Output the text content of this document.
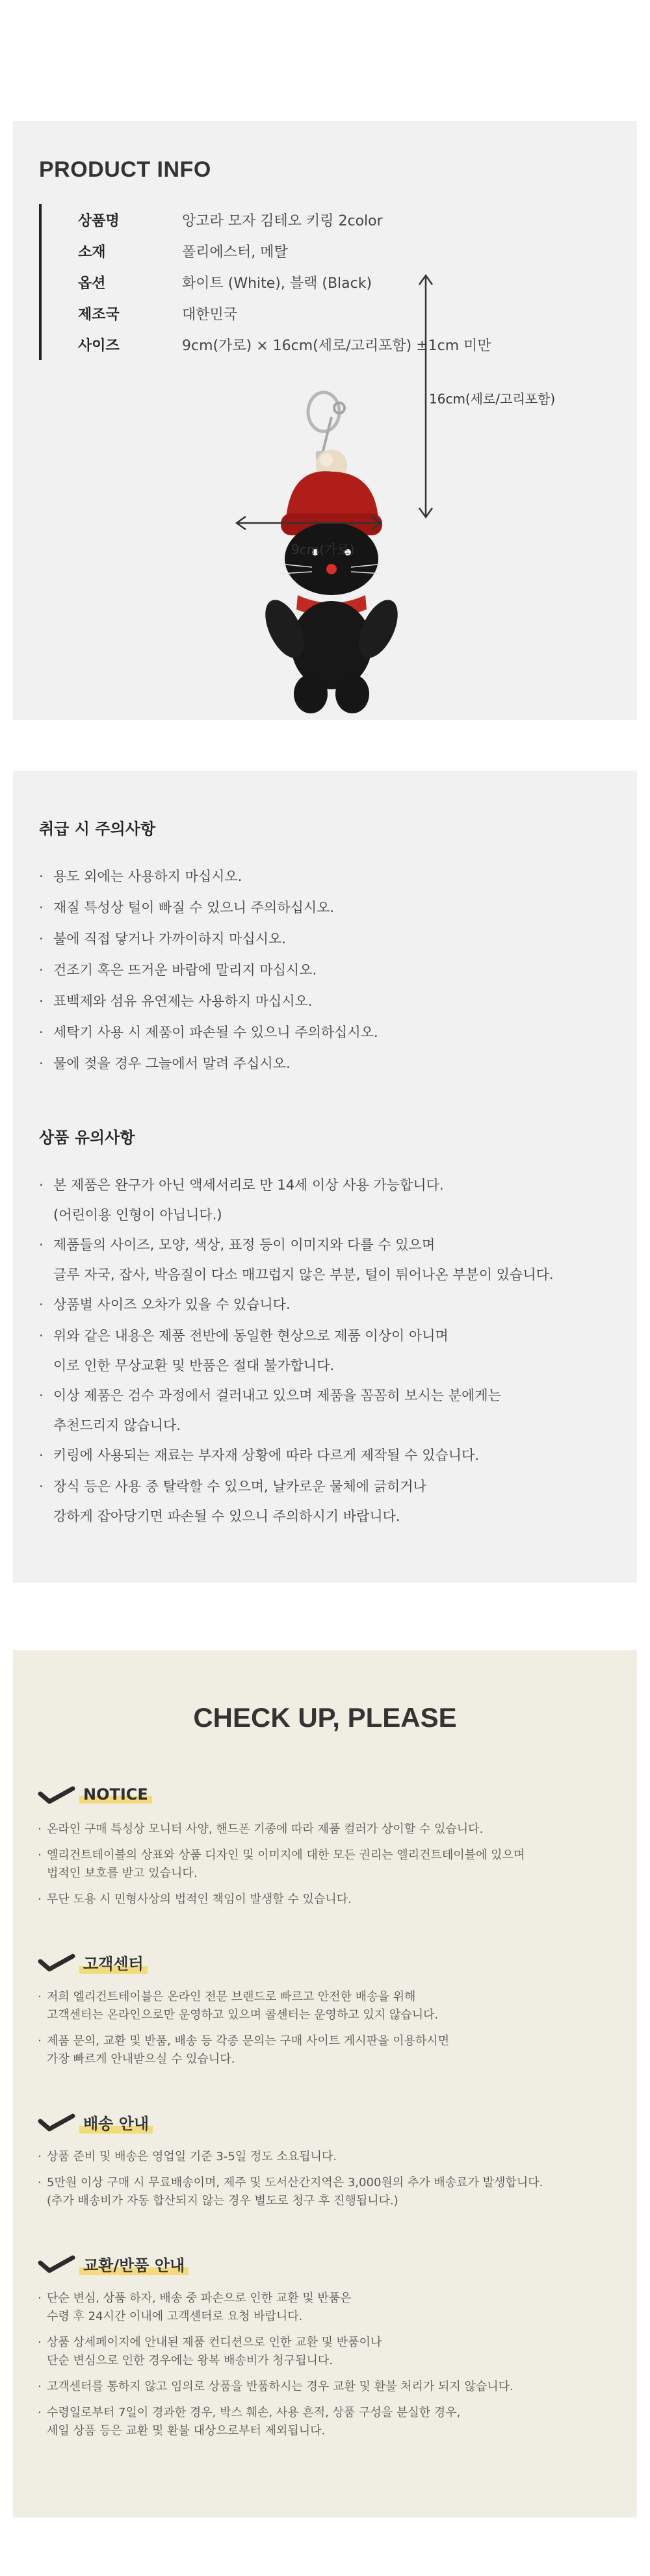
PRODUCT INFO
상품명	앙고라 모자 김테오 키링 2color
소재	폴리에스터, 메탈
옵션	화이트 (White), 블랙 (Black)
제조국	대한민국
사이즈	9cm(가로) × 16cm(세로/고리포함) ±1cm 미만
16cm(세로/고리포함)
9cm(가로)
취급 시 주의사항
· 용도 외에는 사용하지 마십시오.
· 재질 특성상 털이 빠질 수 있으니 주의하십시오.
· 불에 직접 닿거나 가까이하지 마십시오.
· 건조기 혹은 뜨거운 바람에 말리지 마십시오.
· 표백제와 섬유 유연제는 사용하지 마십시오.
· 세탁기 사용 시 제품이 파손될 수 있으니 주의하십시오.
· 물에 젖을 경우 그늘에서 말려 주십시오.
상품 유의사항
· 본 제품은 완구가 아닌 액세서리로 만 14세 이상 사용 가능합니다.
(어린이용 인형이 아닙니다.)
· 제품들의 사이즈, 모양, 색상, 표정 등이 이미지와 다를 수 있으며
글루 자국, 잡사, 박음질이 다소 매끄럽지 않은 부분, 털이 튀어나온 부분이 있습니다.
· 상품별 사이즈 오차가 있을 수 있습니다.
· 위와 같은 내용은 제품 전반에 동일한 현상으로 제품 이상이 아니며
이로 인한 무상교환 및 반품은 절대 불가합니다.
· 이상 제품은 검수 과정에서 걸러내고 있으며 제품을 꼼꼼히 보시는 분에게는
추천드리지 않습니다.
· 키링에 사용되는 재료는 부자재 상황에 따라 다르게 제작될 수 있습니다.
· 장식 등은 사용 중 탈락할 수 있으며, 날카로운 물체에 긁히거나
강하게 잡아당기면 파손될 수 있으니 주의하시기 바랍니다.
CHECK UP, PLEASE
NOTICE
· 온라인 구매 특성상 모니터 사양, 핸드폰 기종에 따라 제품 컬러가 상이할 수 있습니다.
· 엘리건트테이블의 상표와 상품 디자인 및 이미지에 대한 모든 권리는 엘리건트테이블에 있으며
법적인 보호를 받고 있습니다.
· 무단 도용 시 민형사상의 법적인 책임이 발생할 수 있습니다.
고객센터
· 저희 엘리건트테이블은 온라인 전문 브랜드로 빠르고 안전한 배송을 위해
고객센터는 온라인으로만 운영하고 있으며 콜센터는 운영하고 있지 않습니다.
· 제품 문의, 교환 및 반품, 배송 등 각종 문의는 구매 사이트 게시판을 이용하시면
가장 빠르게 안내받으실 수 있습니다.
배송 안내
· 상품 준비 및 배송은 영업일 기준 3-5일 정도 소요됩니다.
· 5만원 이상 구매 시 무료배송이며, 제주 및 도서산간지역은 3,000원의 추가 배송료가 발생합니다.
(추가 배송비가 자동 합산되지 않는 경우 별도로 청구 후 진행됩니다.)
교환/반품 안내
· 단순 변심, 상품 하자, 배송 중 파손으로 인한 교환 및 반품은
수령 후 24시간 이내에 고객센터로 요청 바랍니다.
· 상품 상세페이지에 안내된 제품 컨디션으로 인한 교환 및 반품이나
단순 변심으로 인한 경우에는 왕복 배송비가 청구됩니다.
· 고객센터를 통하지 않고 임의로 상품을 반품하시는 경우 교환 및 환불 처리가 되지 않습니다.
· 수령일로부터 7일이 경과한 경우, 박스 훼손, 사용 흔적, 상품 구성을 분실한 경우,
세일 상품 등은 교환 및 환불 대상으로부터 제외됩니다.
